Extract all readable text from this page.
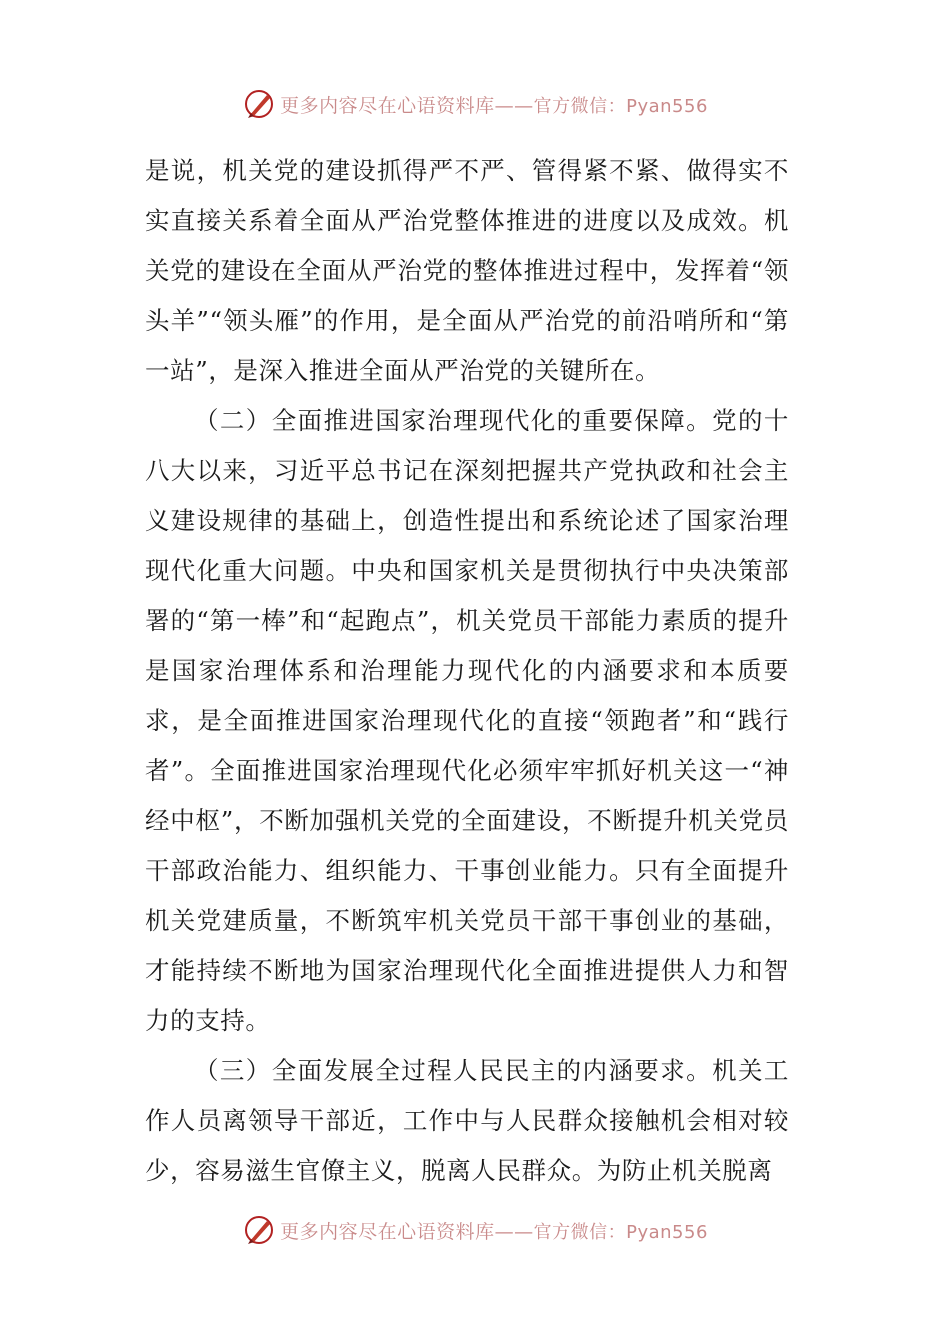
更多内容尽在心语资料库——官方微信：Pyan556

是说，机关党的建设抓得严不严、管得紧不紧、做得实不实直接关系着全面从严治党整体推进的进度以及成效。机关党的建设在全面从严治党的整体推进过程中，发挥着“领头羊”“领头雁”的作用，是全面从严治党的前沿哨所和“第一站”，是深入推进全面从严治党的关键所在。

（二）全面推进国家治理现代化的重要保障。党的十八大以来，习近平总书记在深刻把握共产党执政和社会主义建设规律的基础上，创造性提出和系统论述了国家治理现代化重大问题。中央和国家机关是贯彻执行中央决策部署的“第一棒”和“起跑点”，机关党员干部能力素质的提升是国家治理体系和治理能力现代化的内涵要求和本质要求，是全面推进国家治理现代化的直接“领跑者”和“践行者”。全面推进国家治理现代化必须牢牢抓好机关这一“神经中枢”，不断加强机关党的全面建设，不断提升机关党员干部政治能力、组织能力、干事创业能力。只有全面提升机关党建质量，不断筑牢机关党员干部干事创业的基础，才能持续不断地为国家治理现代化全面推进提供人力和智力的支持。

（三）全面发展全过程人民民主的内涵要求。机关工作人员离领导干部近，工作中与人民群众接触机会相对较少，容易滋生官僚主义，脱离人民群众。为防止机关脱离

更多内容尽在心语资料库——官方微信：Pyan556
